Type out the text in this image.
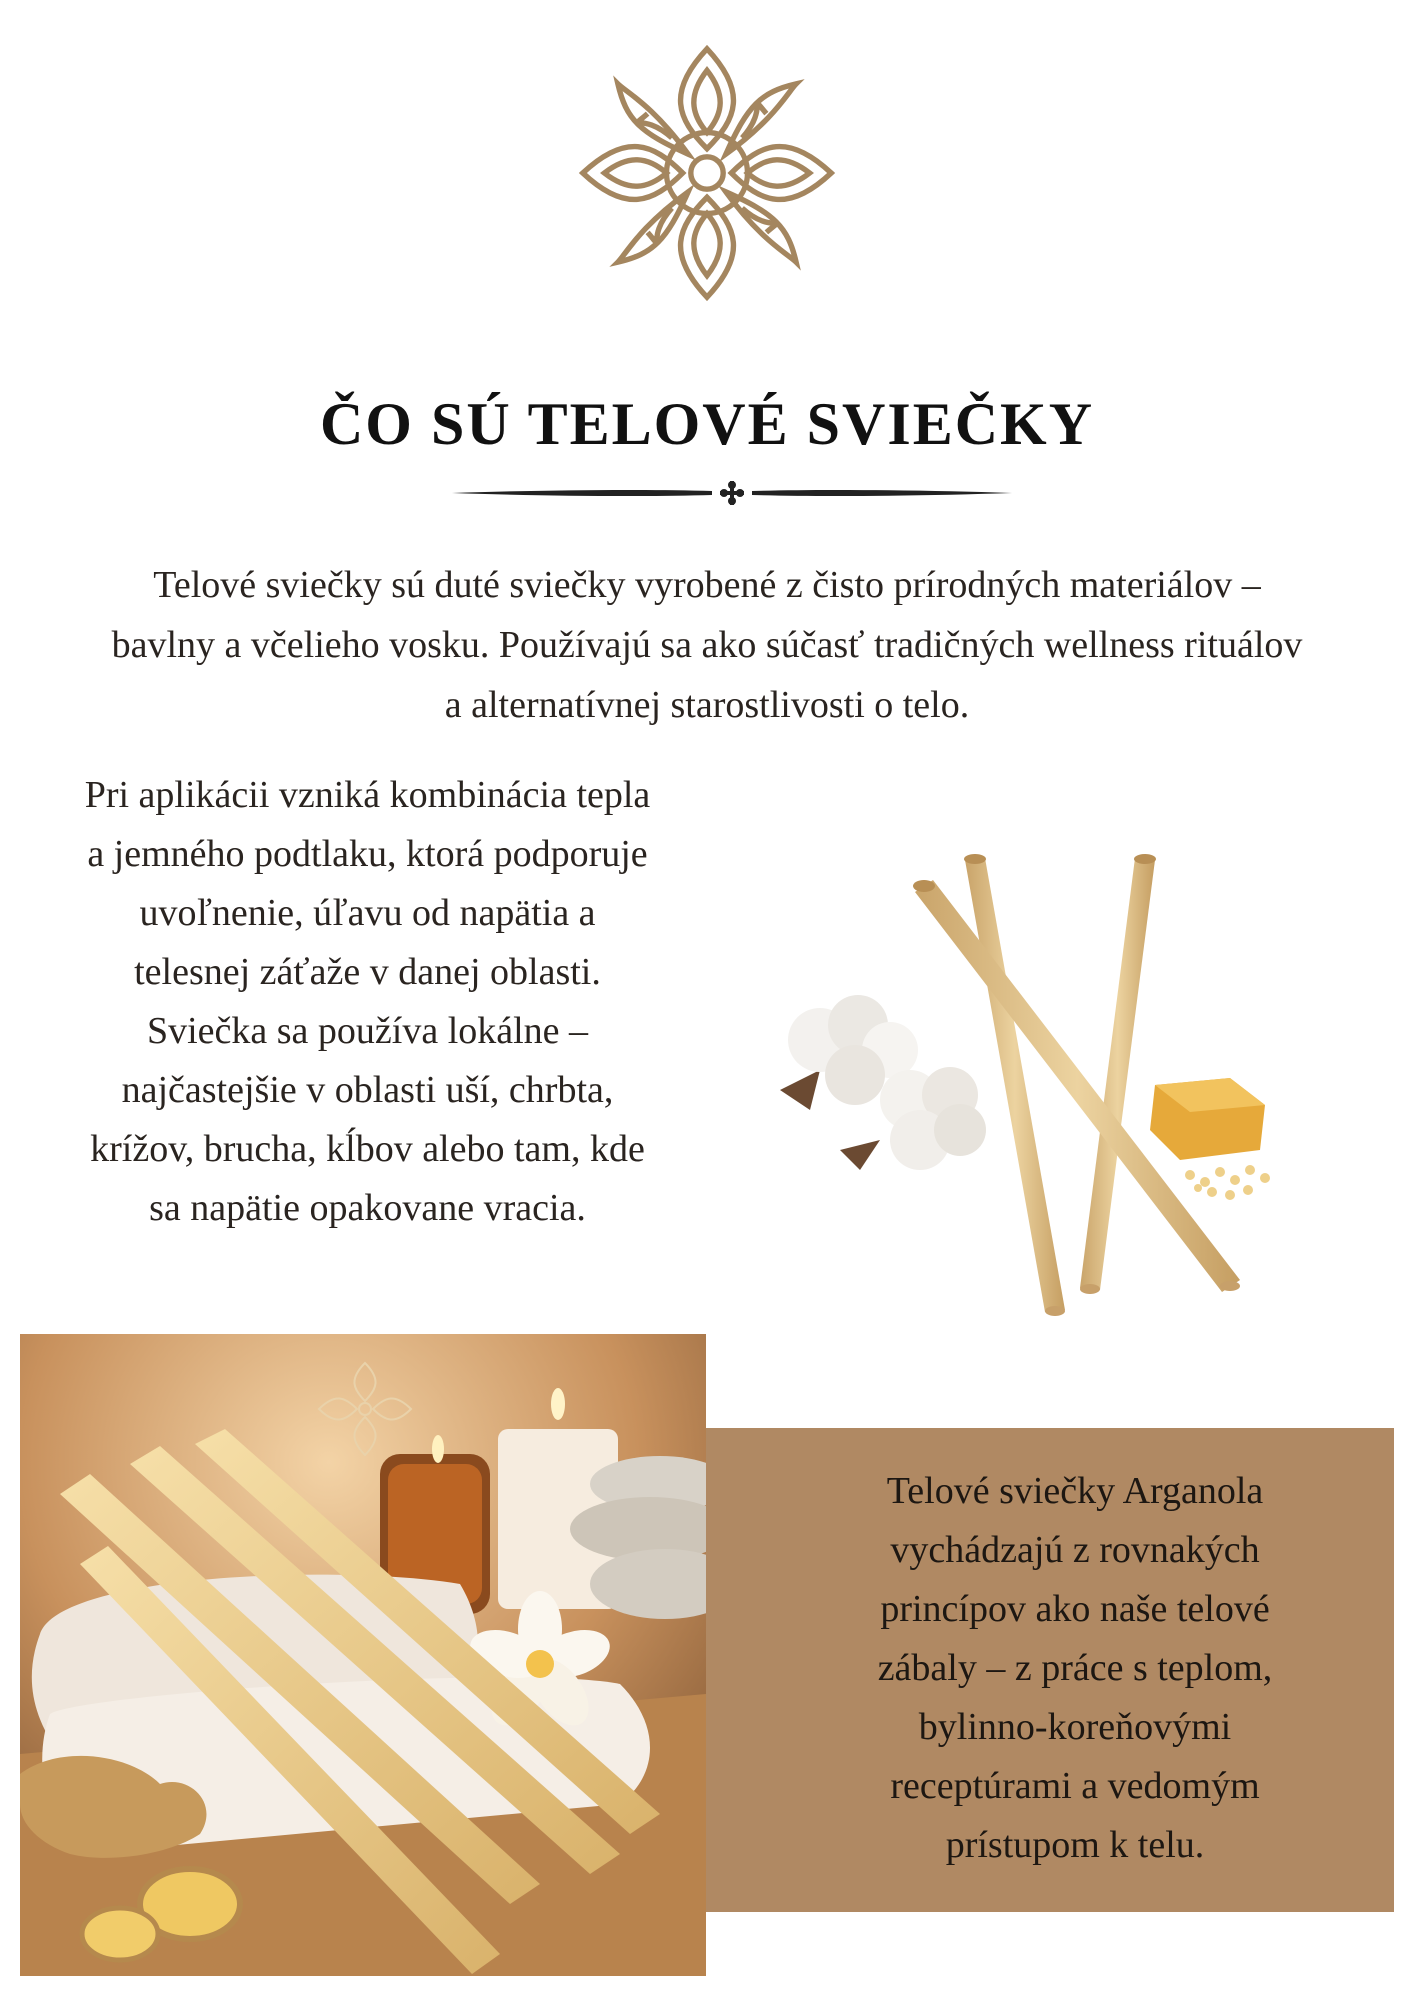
ČO SÚ TELOVÉ SVIEČKY
Telové sviečky sú duté sviečky vyrobené z čisto prírodných materiálov – bavlny a včelieho vosku. Používajú sa ako súčasť tradičných wellness rituálov a alternatívnej starostlivosti o telo.
Pri aplikácii vzniká kombinácia tepla a jemného podtlaku, ktorá podporuje uvoľnenie, úľavu od napätia a telesnej záťaže v danej oblasti. Sviečka sa používa lokálne – najčastejšie v oblasti uší, chrbta, krížov, brucha, kĺbov alebo tam, kde sa napätie opakovane vracia.
Telové sviečky Arganola vychádzajú z rovnakých princípov ako naše telové zábaly – z práce s teplom, bylinno-koreňovými receptúrami a vedomým prístupom k telu.
